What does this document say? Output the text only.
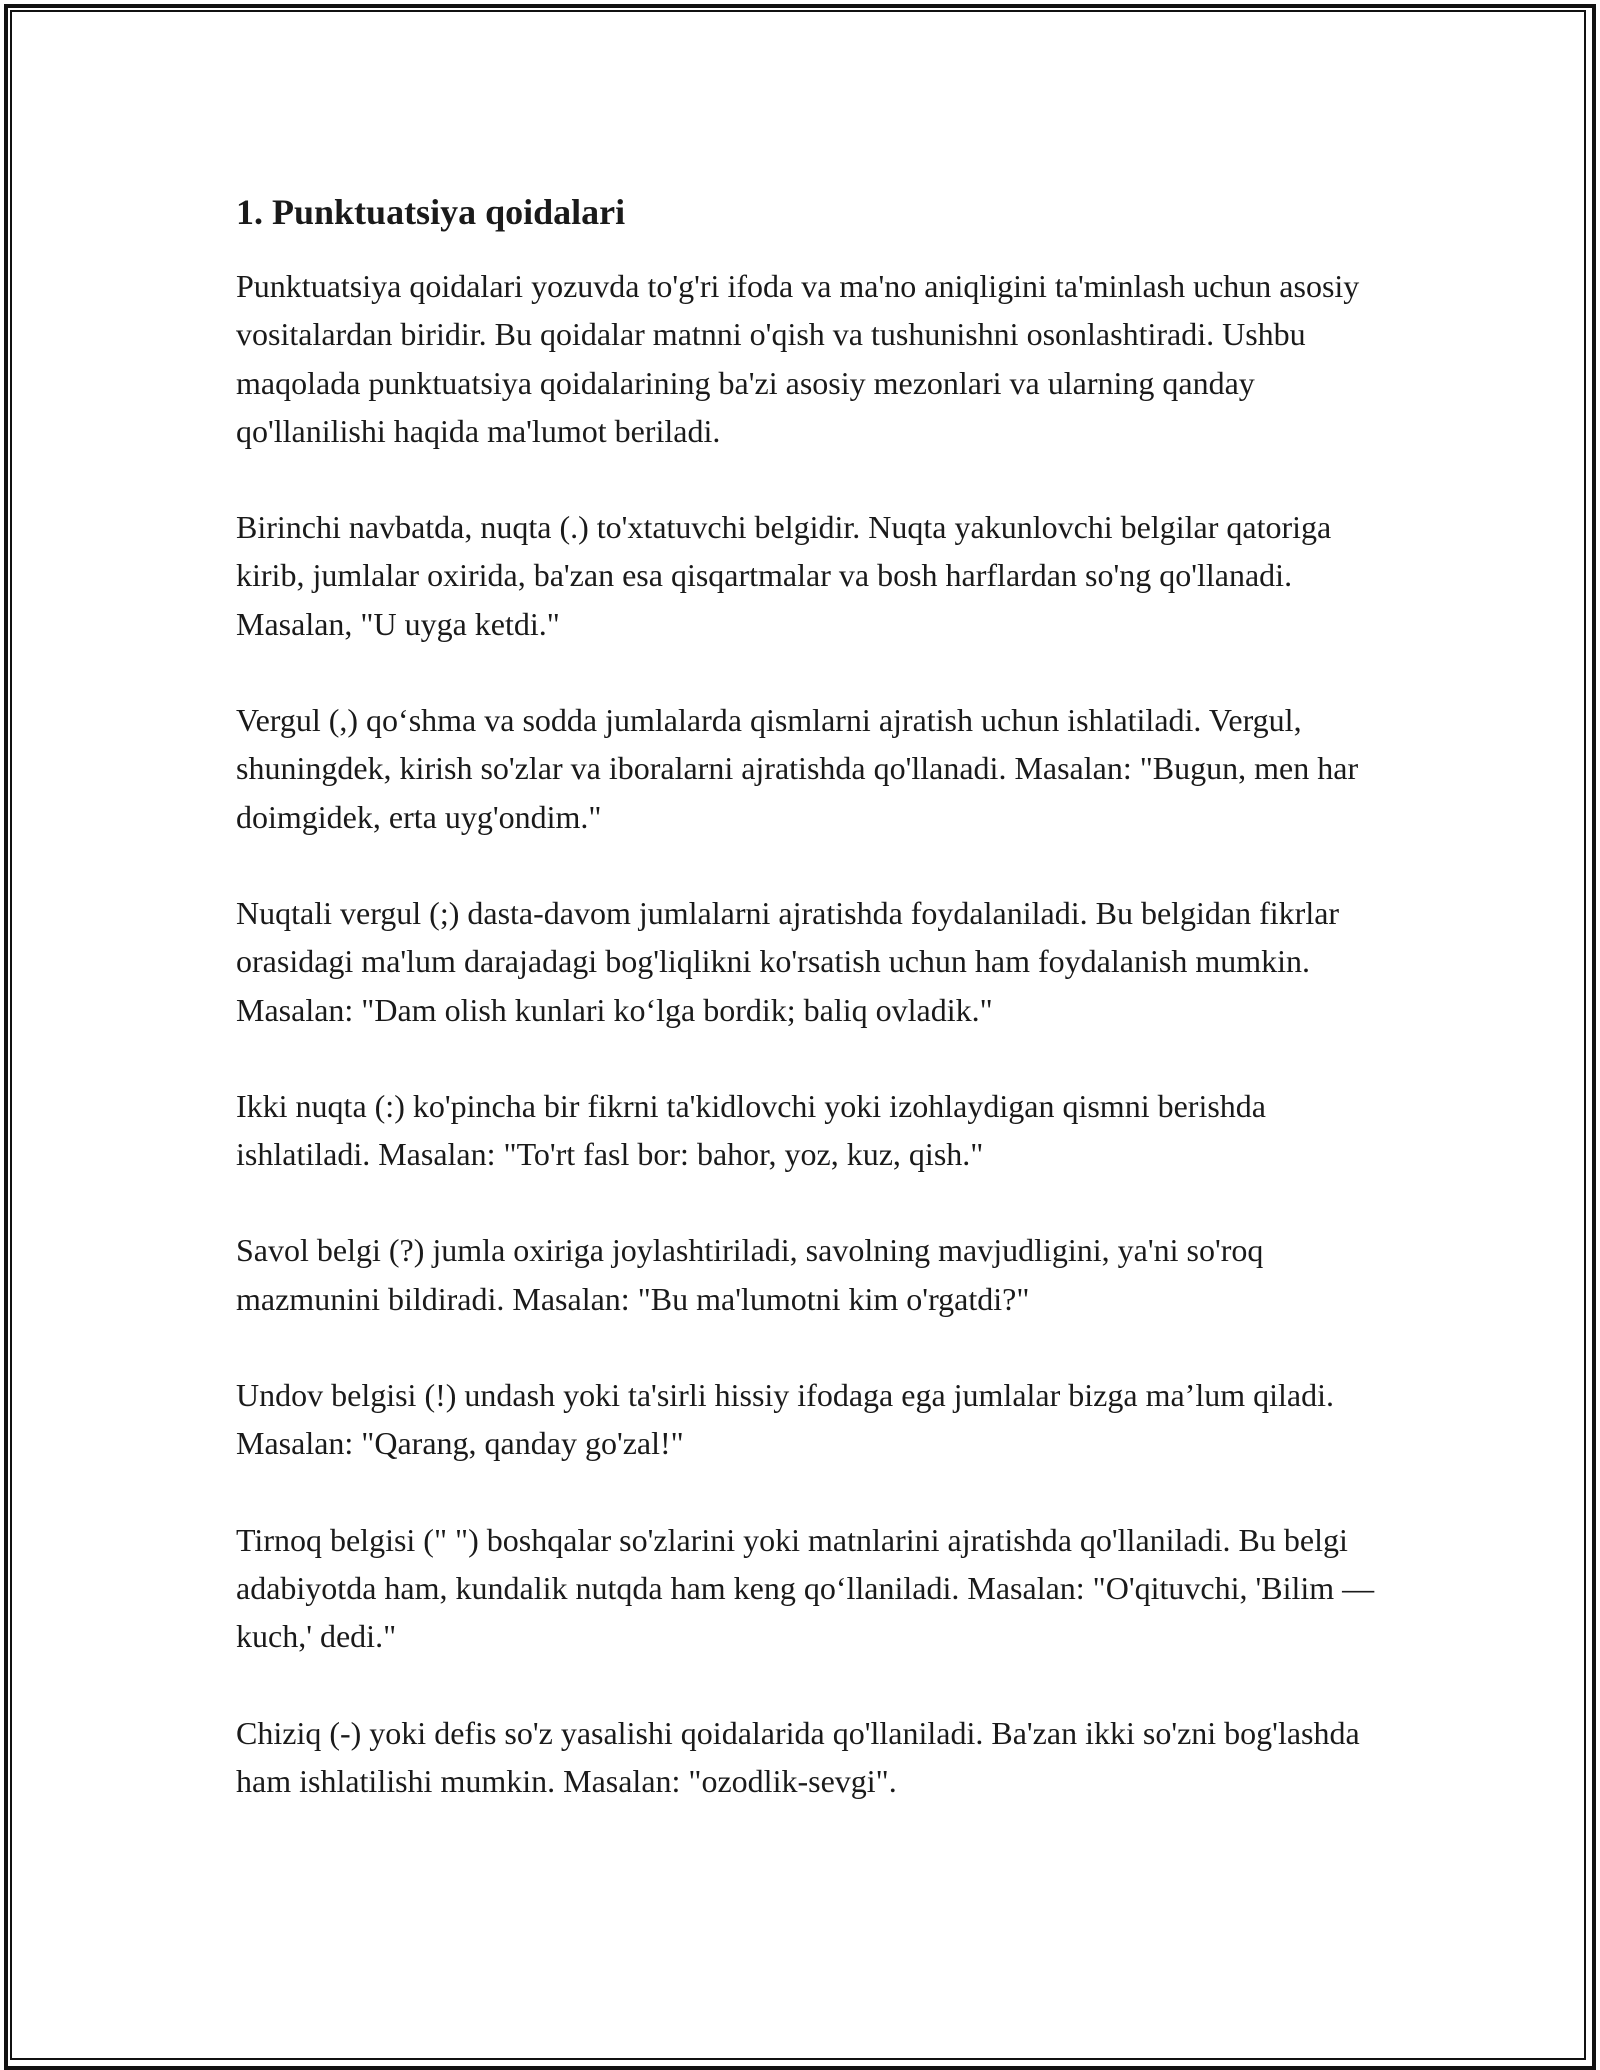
1. Punktuatsiya qoidalari

Punktuatsiya qoidalari yozuvda to'g'ri ifoda va ma'no aniqligini ta'minlash uchun asosiy vositalardan biridir. Bu qoidalar matnni o'qish va tushunishni osonlashtiradi. Ushbu maqolada punktuatsiya qoidalarining ba'zi asosiy mezonlari va ularning qanday qo'llanilishi haqida ma'lumot beriladi.

Birinchi navbatda, nuqta (.) to'xtatuvchi belgidir. Nuqta yakunlovchi belgilar qatoriga kirib, jumlalar oxirida, ba'zan esa qisqartmalar va bosh harflardan so'ng qo'llanadi. Masalan, "U uyga ketdi."

Vergul (,) qo‘shma va sodda jumlalarda qismlarni ajratish uchun ishlatiladi. Vergul, shuningdek, kirish so'zlar va iboralarni ajratishda qo'llanadi. Masalan: "Bugun, men har doimgidek, erta uyg'ondim."

Nuqtali vergul (;) dasta-davom jumlalarni ajratishda foydalaniladi. Bu belgidan fikrlar orasidagi ma'lum darajadagi bog'liqlikni ko'rsatish uchun ham foydalanish mumkin. Masalan: "Dam olish kunlari ko‘lga bordik; baliq ovladik."

Ikki nuqta (:) ko'pincha bir fikrni ta'kidlovchi yoki izohlaydigan qismni berishda ishlatiladi. Masalan: "To'rt fasl bor: bahor, yoz, kuz, qish."

Savol belgi (?) jumla oxiriga joylashtiriladi, savolning mavjudligini, ya'ni so'roq mazmunini bildiradi. Masalan: "Bu ma'lumotni kim o'rgatdi?"

Undov belgisi (!) undash yoki ta'sirli hissiy ifodaga ega jumlalar bizga ma’lum qiladi. Masalan: "Qarang, qanday go'zal!"

Tirnoq belgisi (" ") boshqalar so'zlarini yoki matnlarini ajratishda qo'llaniladi. Bu belgi adabiyotda ham, kundalik nutqda ham keng qo‘llaniladi. Masalan: "O'qituvchi, 'Bilim — kuch,' dedi."

Chiziq (-) yoki defis so'z yasalishi qoidalarida qo'llaniladi. Ba'zan ikki so'zni bog'lashda ham ishlatilishi mumkin. Masalan: "ozodlik-sevgi".
